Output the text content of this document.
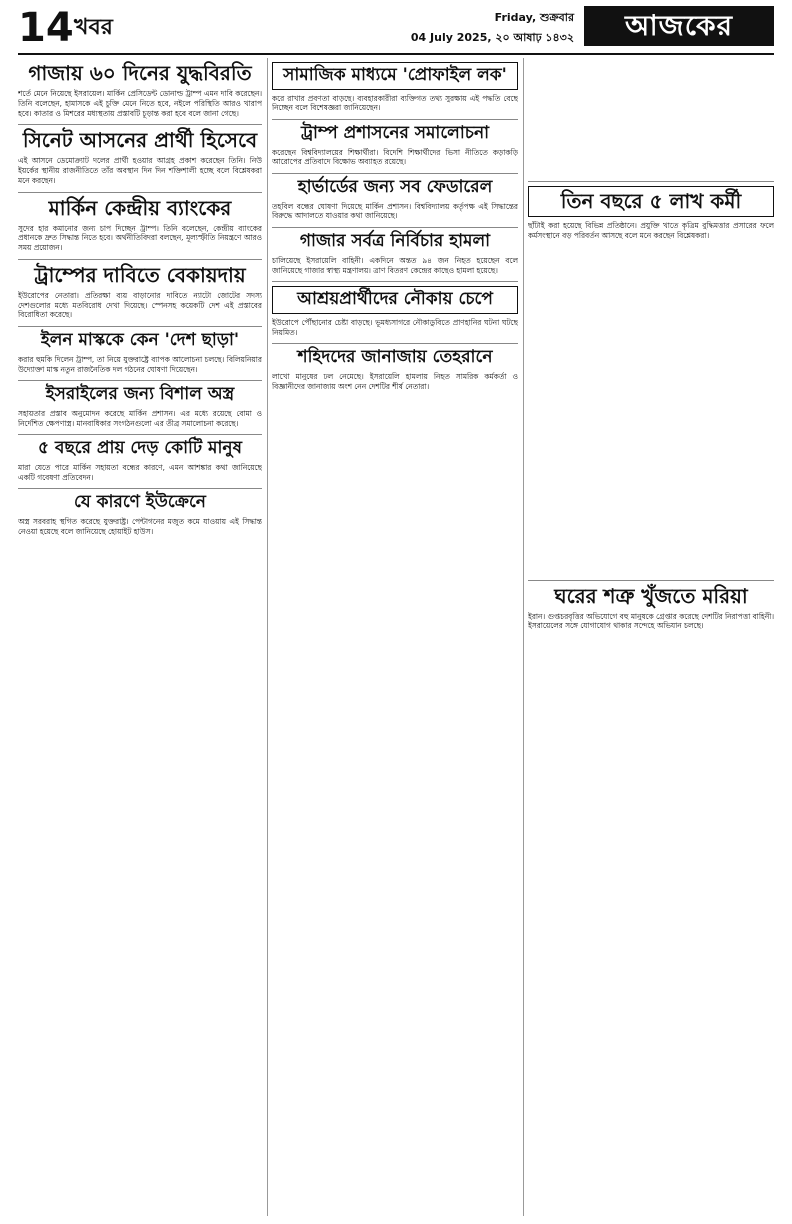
14 খবর	Friday, শুক্রবার
04 July 2025, ২০ আষাঢ় ১৪৩২	আজকের কাগজ
গাজায় ৬০ দিনের যুদ্ধবিরতি

শর্তে মেনে নিয়েছে ইসরায়েল। মার্কিন প্রেসিডেন্ট ডোনাল্ড ট্রাম্প এমন দাবি করেছেন। তিনি বলেছেন, হামাসকে এই চুক্তি মেনে নিতে হবে, নইলে পরিস্থিতি আরও খারাপ হবে। কাতার ও মিশরের মধ্যস্থতায় প্রস্তাবটি চূড়ান্ত করা হবে বলে জানা গেছে।

সিনেট আসনের প্রার্থী হিসেবে

এই আসনে ডেমোক্র্যাট দলের প্রার্থী হওয়ার আগ্রহ প্রকাশ করেছেন তিনি। নিউ ইয়র্কের স্থানীয় রাজনীতিতে তাঁর অবস্থান দিন দিন শক্তিশালী হচ্ছে বলে বিশ্লেষকরা মনে করছেন।

মার্কিন কেন্দ্রীয় ব্যাংকের

সুদের হার কমানোর জন্য চাপ দিচ্ছেন ট্রাম্প। তিনি বলেছেন, কেন্দ্রীয় ব্যাংকের প্রধানকে দ্রুত সিদ্ধান্ত নিতে হবে। অর্থনীতিবিদরা বলছেন, মূল্যস্ফীতি নিয়ন্ত্রণে আরও সময় প্রয়োজন।

ট্রাম্পের দাবিতে বেকায়দায়

ইউরোপের নেতারা। প্রতিরক্ষা ব্যয় বাড়ানোর দাবিতে ন্যাটো জোটের সদস্য দেশগুলোর মধ্যে মতবিরোধ দেখা দিয়েছে। স্পেনসহ কয়েকটি দেশ এই প্রস্তাবের বিরোধিতা করেছে।

ইলন মাস্ককে কেন 'দেশ ছাড়া'

করার হুমকি দিলেন ট্রাম্প, তা নিয়ে যুক্তরাষ্ট্রে ব্যাপক আলোচনা চলছে। বিলিয়নিয়ার উদ্যোক্তা মাস্ক নতুন রাজনৈতিক দল গঠনের ঘোষণা দিয়েছেন।

ইসরাইলের জন্য বিশাল অস্ত্র

সহায়তার প্রস্তাব অনুমোদন করেছে মার্কিন প্রশাসন। এর মধ্যে রয়েছে বোমা ও নির্দেশিত ক্ষেপণাস্ত্র। মানবাধিকার সংগঠনগুলো এর তীব্র সমালোচনা করেছে।

৫ বছরে প্রায় দেড় কোটি মানুষ

মারা যেতে পারে মার্কিন সহায়তা বন্ধের কারণে, এমন আশঙ্কার কথা জানিয়েছে একটি গবেষণা প্রতিবেদন।

যে কারণে ইউক্রেনে

অস্ত্র সরবরাহ স্থগিত করেছে যুক্তরাষ্ট্র। পেন্টাগনের মজুত কমে যাওয়ায় এই সিদ্ধান্ত নেওয়া হয়েছে বলে জানিয়েছে হোয়াইট হাউস।

সামাজিক মাধ্যমে 'প্রোফাইল লক'

করে রাখার প্রবণতা বাড়ছে। ব্যবহারকারীরা ব্যক্তিগত তথ্য সুরক্ষায় এই পদ্ধতি বেছে নিচ্ছেন বলে বিশেষজ্ঞরা জানিয়েছেন।

ট্রাম্প প্রশাসনের সমালোচনা

করেছেন বিশ্ববিদ্যালয়ের শিক্ষার্থীরা। বিদেশি শিক্ষার্থীদের ভিসা নীতিতে কড়াকড়ি আরোপের প্রতিবাদে বিক্ষোভ অব্যাহত রয়েছে।

হার্ভার্ডের জন্য সব ফেডারেল

তহবিল বন্ধের ঘোষণা দিয়েছে মার্কিন প্রশাসন। বিশ্ববিদ্যালয় কর্তৃপক্ষ এই সিদ্ধান্তের বিরুদ্ধে আদালতে যাওয়ার কথা জানিয়েছে।

গাজার সর্বত্র নির্বিচার হামলা

চালিয়েছে ইসরায়েলি বাহিনী। একদিনে অন্তত ৯৪ জন নিহত হয়েছেন বলে জানিয়েছে গাজার স্বাস্থ্য মন্ত্রণালয়। ত্রাণ বিতরণ কেন্দ্রের কাছেও হামলা হয়েছে।

আশ্রয়প্রার্থীদের নৌকায় চেপে

ইউরোপে পৌঁছানোর চেষ্টা বাড়ছে। ভূমধ্যসাগরে নৌকাডুবিতে প্রাণহানির ঘটনা ঘটছে নিয়মিত।

শহিদদের জানাজায় তেহরানে

লাখো মানুষের ঢল নেমেছে। ইসরায়েলি হামলায় নিহত সামরিক কর্মকর্তা ও বিজ্ঞানীদের জানাজায় অংশ নেন দেশটির শীর্ষ নেতারা।

তিন বছরে ৫ লাখ কর্মী

ছাঁটাই করা হয়েছে বিভিন্ন প্রতিষ্ঠানে। প্রযুক্তি খাতে কৃত্রিম বুদ্ধিমত্তার প্রসারের ফলে কর্মসংস্থানে বড় পরিবর্তন আসছে বলে মনে করছেন বিশ্লেষকরা।

ঘরের শত্রু খুঁজতে মরিয়া

ইরান। গুপ্তচরবৃত্তির অভিযোগে বহু মানুষকে গ্রেপ্তার করেছে দেশটির নিরাপত্তা বাহিনী। ইসরায়েলের সঙ্গে যোগাযোগ থাকার সন্দেহে অভিযান চলছে।
